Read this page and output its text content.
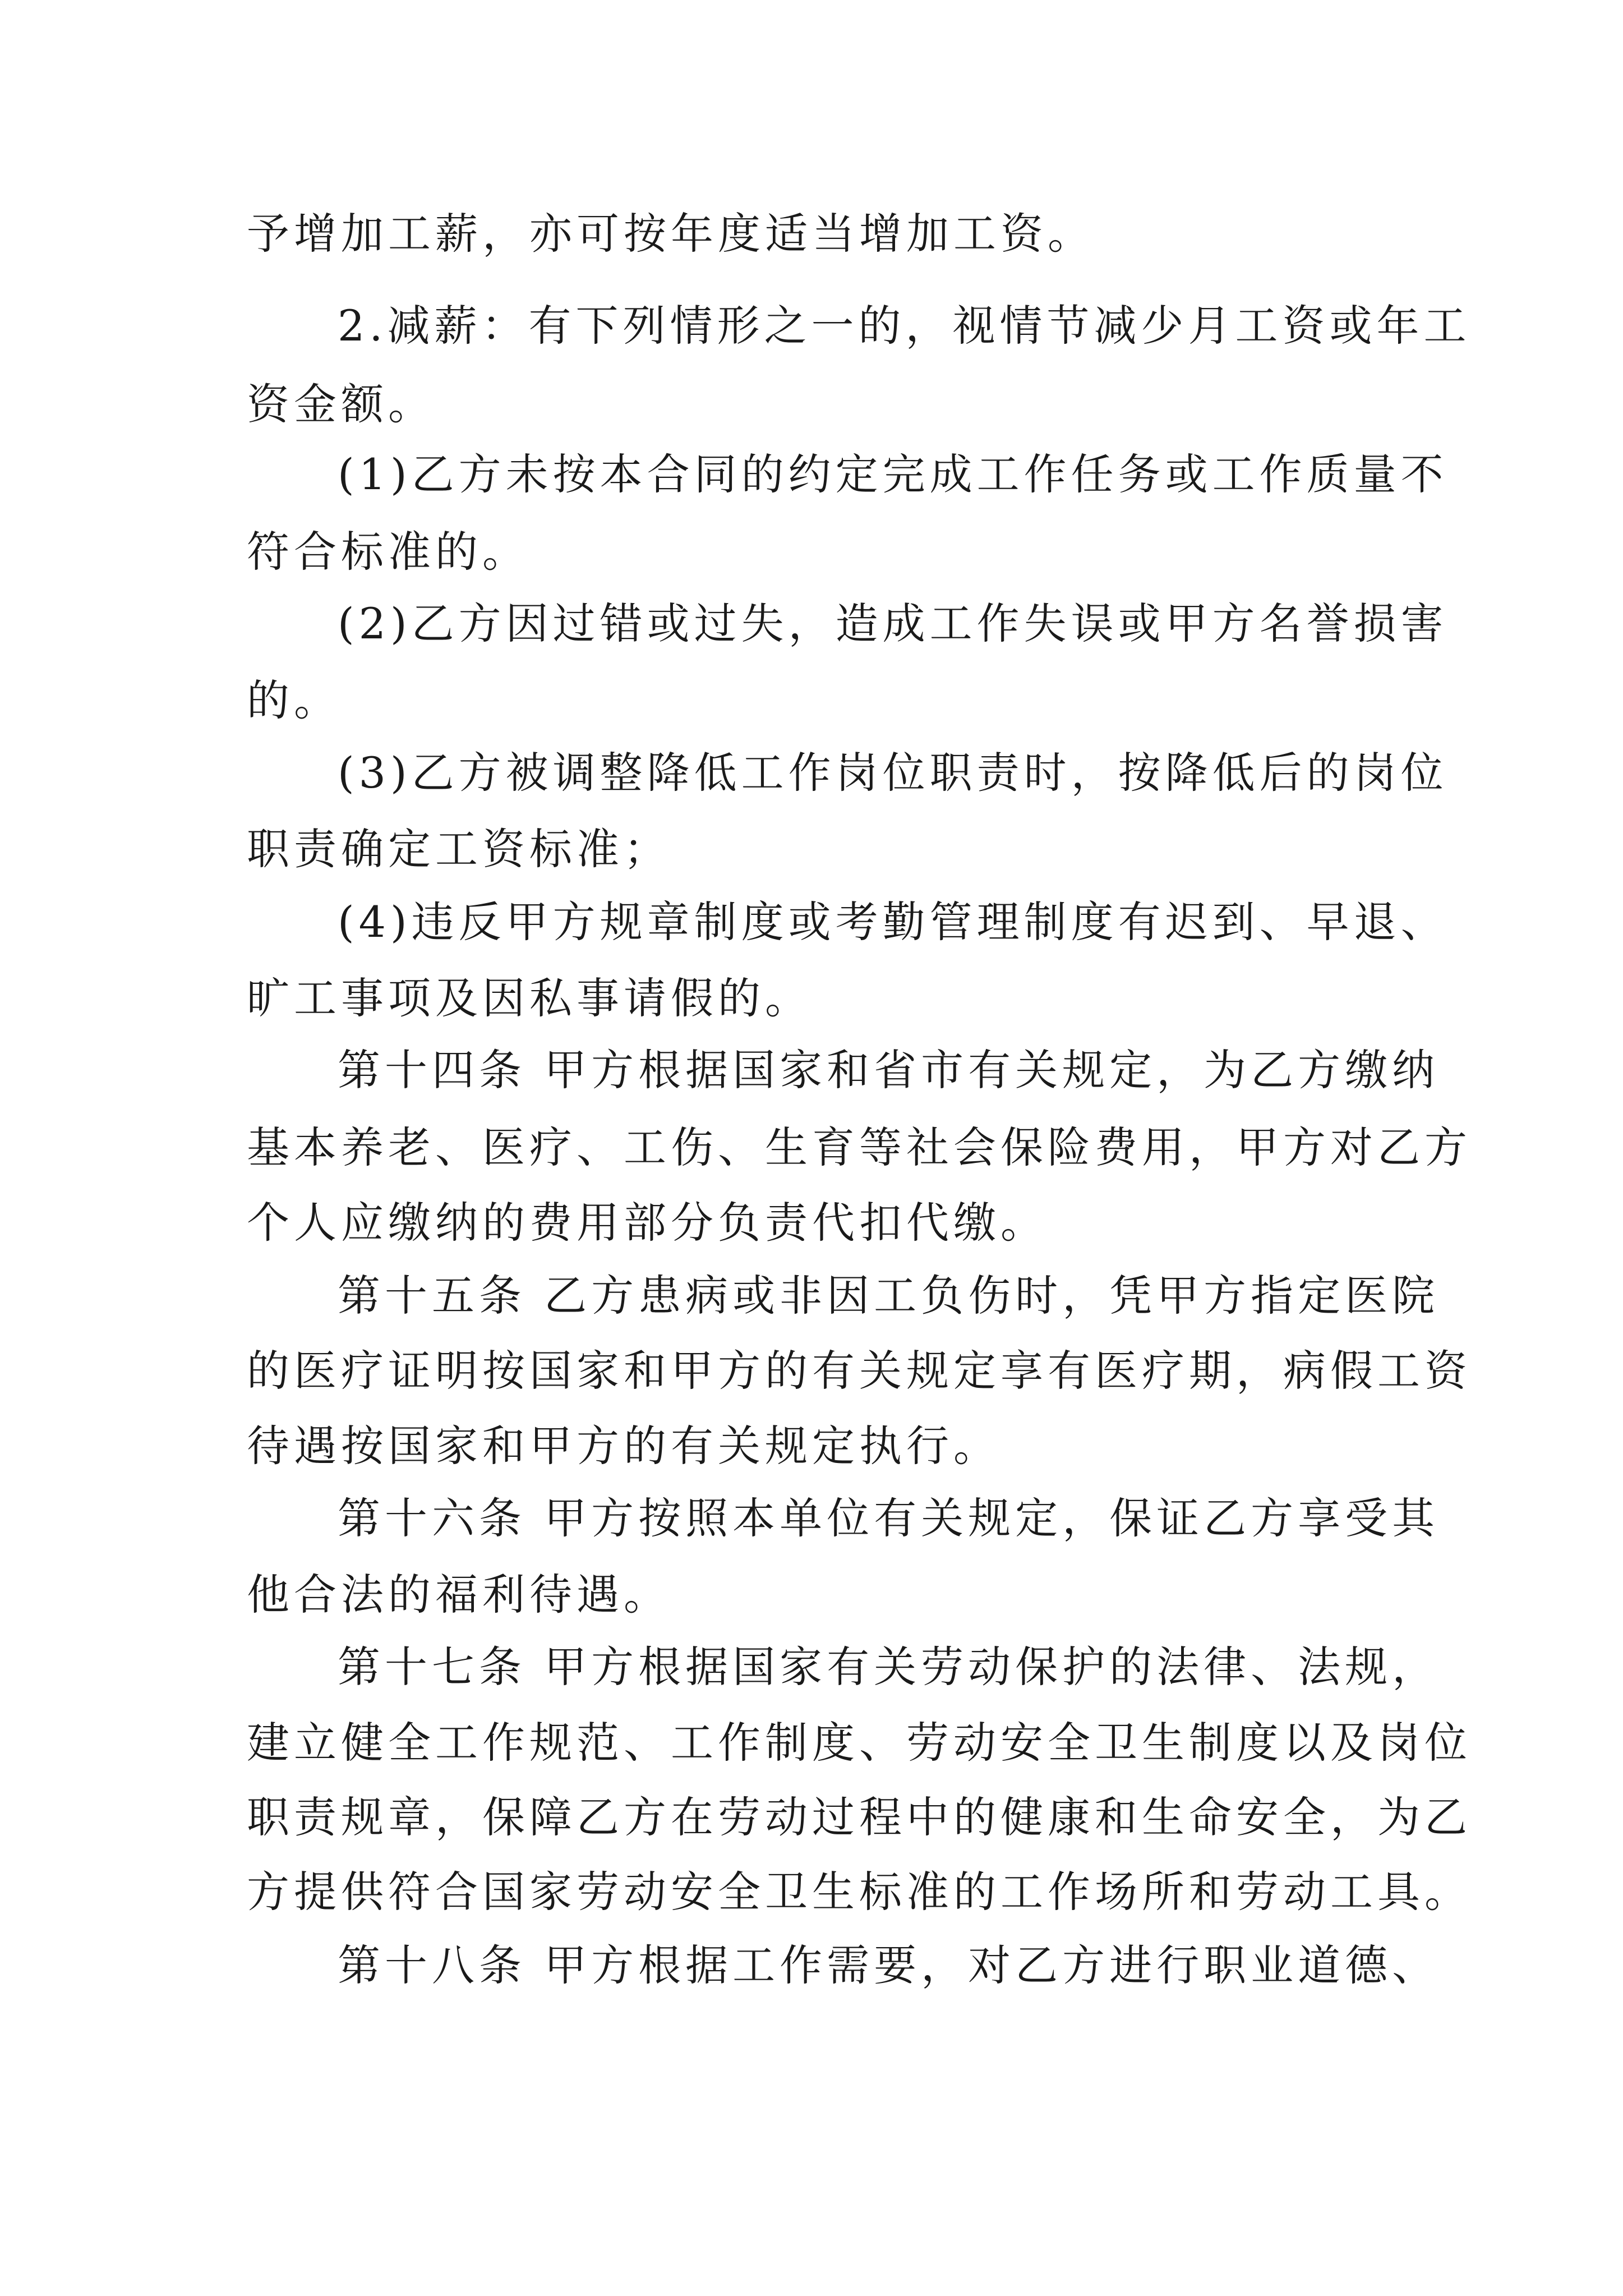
予增加工薪，亦可按年度适当增加工资。
2.减薪：有下列情形之一的，视情节减少月工资或年工
资金额。
(1)乙方未按本合同的约定完成工作任务或工作质量不
符合标准的。
(2)乙方因过错或过失，造成工作失误或甲方名誉损害
的。
(3)乙方被调整降低工作岗位职责时，按降低后的岗位
职责确定工资标准；
(4)违反甲方规章制度或考勤管理制度有迟到、早退、
旷工事项及因私事请假的。
第十四条 甲方根据国家和省市有关规定，为乙方缴纳
基本养老、医疗、工伤、生育等社会保险费用，甲方对乙方
个人应缴纳的费用部分负责代扣代缴。
第十五条 乙方患病或非因工负伤时，凭甲方指定医院
的医疗证明按国家和甲方的有关规定享有医疗期，病假工资
待遇按国家和甲方的有关规定执行。
第十六条 甲方按照本单位有关规定，保证乙方享受其
他合法的福利待遇。
第十七条 甲方根据国家有关劳动保护的法律、法规，
建立健全工作规范、工作制度、劳动安全卫生制度以及岗位
职责规章，保障乙方在劳动过程中的健康和生命安全，为乙
方提供符合国家劳动安全卫生标准的工作场所和劳动工具。
第十八条 甲方根据工作需要，对乙方进行职业道德、
